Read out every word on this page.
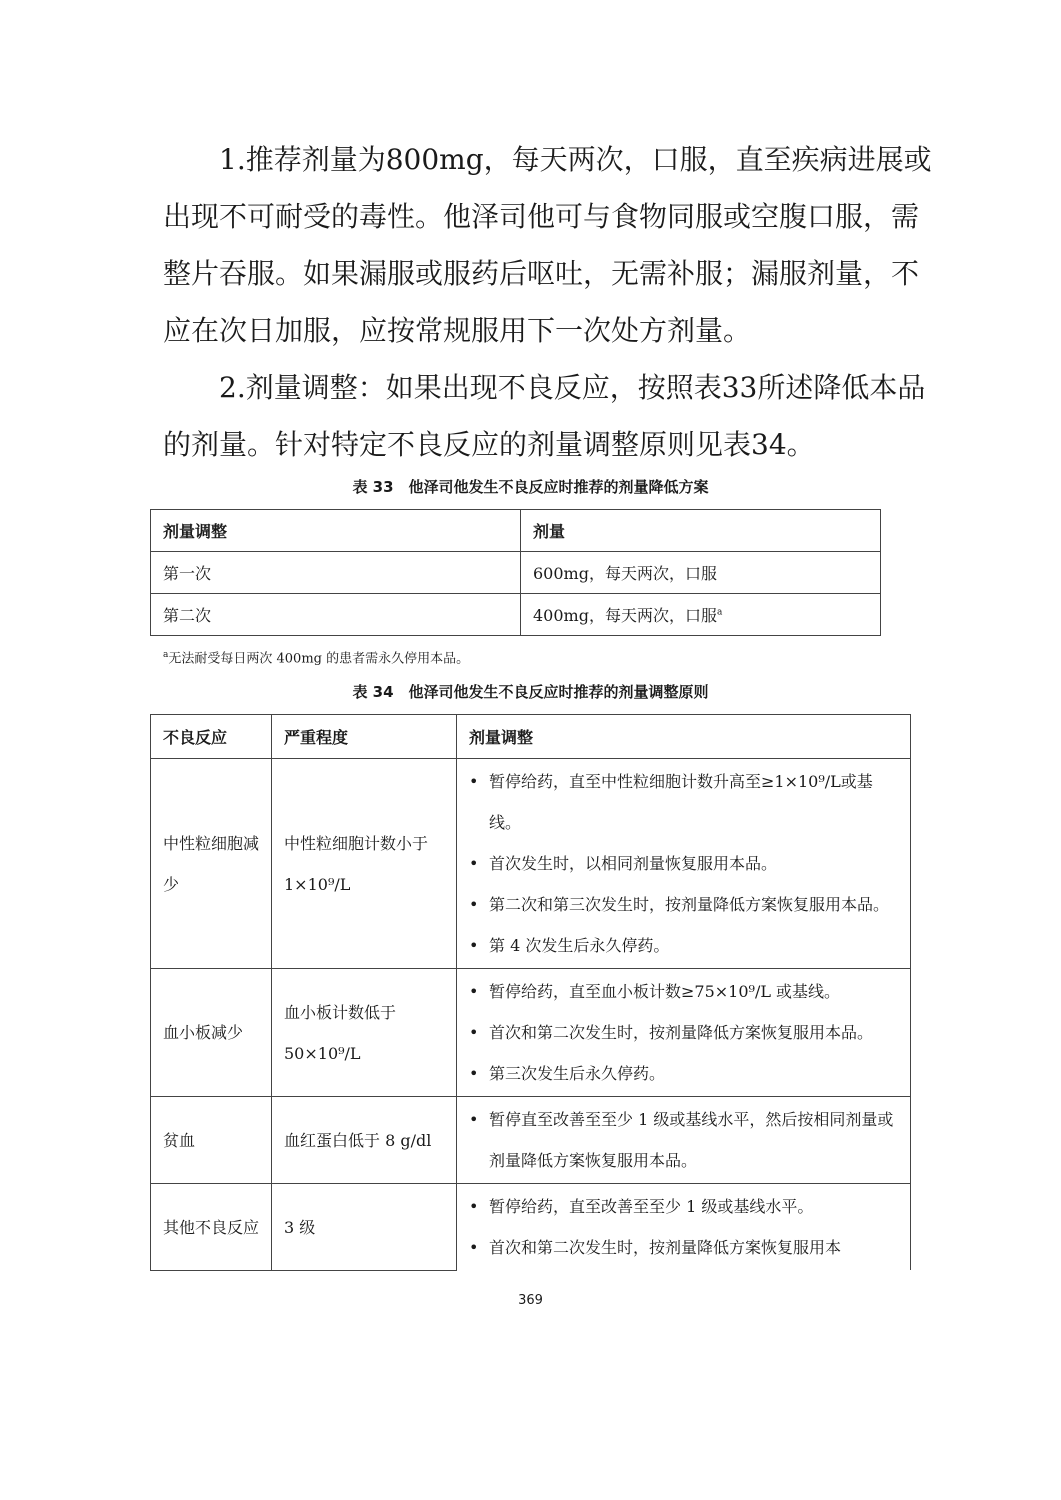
1.推荐剂量为800mg，每天两次，口服，直至疾病进展或出现不可耐受的毒性。他泽司他可与食物同服或空腹口服，需整片吞服。如果漏服或服药后呕吐，无需补服；漏服剂量，不应在次日加服，应按常规服用下一次处方剂量。
2.剂量调整：如果出现不良反应，按照表33所述降低本品的剂量。针对特定不良反应的剂量调整原则见表34。
表 33　他泽司他发生不良反应时推荐的剂量降低方案
剂量调整	剂量
第一次	600mg，每天两次，口服
第二次	400mg，每天两次，口服$^a$
$^a$无法耐受每日两次 400mg 的患者需永久停用本品。
表 34　他泽司他发生不良反应时推荐的剂量调整原则
不良反应	严重程度	剂量调整
中性粒细胞减少	中性粒细胞计数小于 1×10⁹/L	• 暂停给药，直至中性粒细胞计数升高至≥1×10⁹/L或基线。
• 首次发生时，以相同剂量恢复服用本品。
• 第二次和第三次发生时，按剂量降低方案恢复服用本品。
• 第 4 次发生后永久停药。

血小板减少	血小板计数低于 50×10⁹/L	• 暂停给药，直至血小板计数≥75×10⁹/L 或基线。
• 首次和第二次发生时，按剂量降低方案恢复服用本品。
• 第三次发生后永久停药。

贫血	血红蛋白低于 8 g/dl	• 暂停直至改善至至少 1 级或基线水平，然后按相同剂量或剂量降低方案恢复服用本品。

其他不良反应	3 级	• 暂停给药，直至改善至至少 1 级或基线水平。
• 首次和第二次发生时，按剂量降低方案恢复服用本
369
